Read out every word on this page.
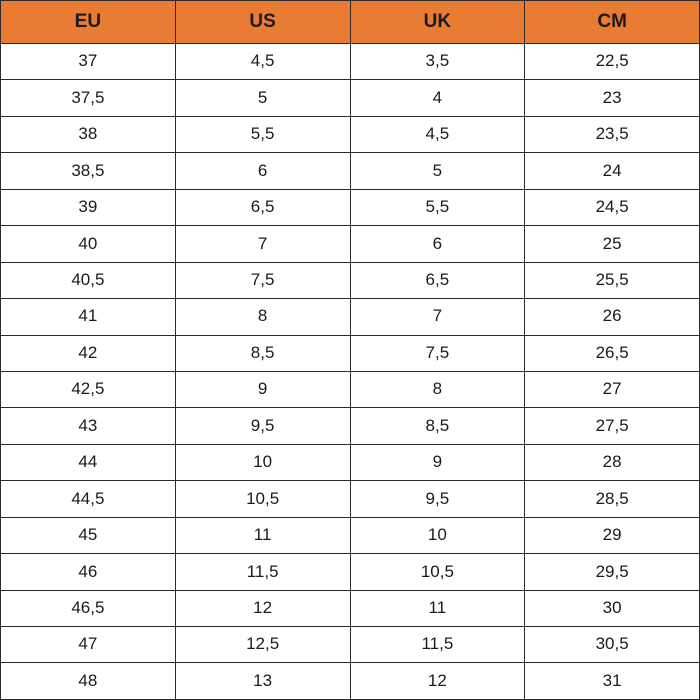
EU	US	UK	CM
37	4,5	3,5	22,5
37,5	5	4	23
38	5,5	4,5	23,5
38,5	6	5	24
39	6,5	5,5	24,5
40	7	6	25
40,5	7,5	6,5	25,5
41	8	7	26
42	8,5	7,5	26,5
42,5	9	8	27
43	9,5	8,5	27,5
44	10	9	28
44,5	10,5	9,5	28,5
45	11	10	29
46	11,5	10,5	29,5
46,5	12	11	30
47	12,5	11,5	30,5
48	13	12	31
